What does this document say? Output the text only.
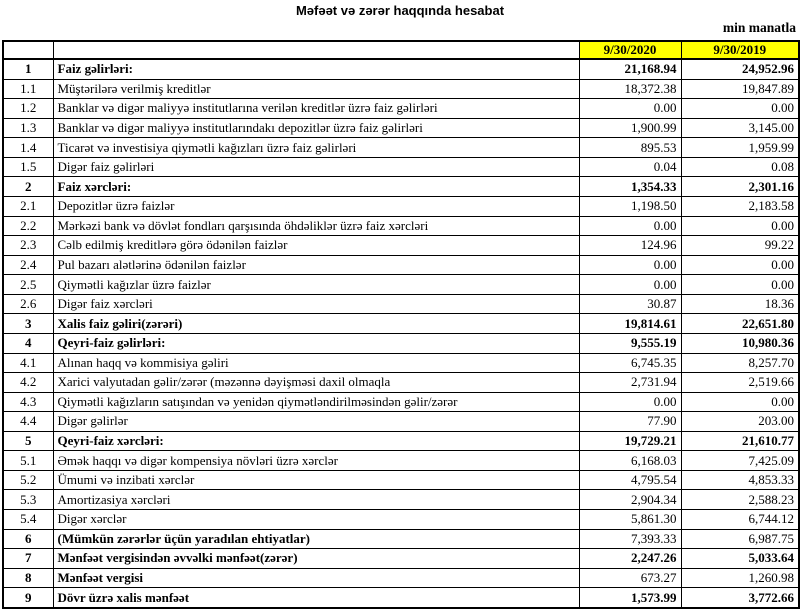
Məfəət və zərər haqqında hesabat
min manatla
		9/30/2020	9/30/2019
1	Faiz gəlirləri:	21,168.94	24,952.96
1.1	Müştərilərə verilmiş kreditlər	18,372.38	19,847.89
1.2	Banklar və digər maliyyə institutlarına verilən kreditlər üzrə faiz gəlirləri	0.00	0.00
1.3	Banklar və digər maliyyə institutlarındakı depozitlər üzrə faiz gəlirləri	1,900.99	3,145.00
1.4	Ticarət və investisiya qiymətli kağızları üzrə faiz gəlirləri	895.53	1,959.99
1.5	Digər faiz gəlirləri	0.04	0.08
2	Faiz xərcləri:	1,354.33	2,301.16
2.1	Depozitlər üzrə faizlər	1,198.50	2,183.58
2.2	Mərkəzi bank və dövlət fondları qarşısında öhdəliklər üzrə faiz xərcləri	0.00	0.00
2.3	Cəlb edilmiş kreditlərə görə ödənilən faizlər	124.96	99.22
2.4	Pul bazarı alətlərinə ödənilən faizlər	0.00	0.00
2.5	Qiymətli kağızlar üzrə faizlər	0.00	0.00
2.6	Digər faiz xərcləri	30.87	18.36
3	Xalis faiz gəliri(zərəri)	19,814.61	22,651.80
4	Qeyri-faiz gəlirləri:	9,555.19	10,980.36
4.1	Alınan haqq və kommisiya gəliri	6,745.35	8,257.70
4.2	Xarici valyutadan gəlir/zərər (məzənnə dəyişməsi daxil olmaqla	2,731.94	2,519.66
4.3	Qiymətli kağızların satışından və yenidən qiymətləndirilməsindən gəlir/zərər	0.00	0.00
4.4	Digər gəlirlər	77.90	203.00
5	Qeyri-faiz xərcləri:	19,729.21	21,610.77
5.1	Əmək haqqı və digər kompensiya növləri üzrə xərclər	6,168.03	7,425.09
5.2	Ümumi və inzibati xərclər	4,795.54	4,853.33
5.3	Amortizasiya xərcləri	2,904.34	2,588.23
5.4	Digər xərclər	5,861.30	6,744.12
6	(Mümkün zərərlər üçün yaradılan ehtiyatlar)	7,393.33	6,987.75
7	Mənfəət vergisindən əvvəlki mənfəət(zərər)	2,247.26	5,033.64
8	Mənfəət vergisi	673.27	1,260.98
9	Dövr üzrə xalis mənfəət	1,573.99	3,772.66
